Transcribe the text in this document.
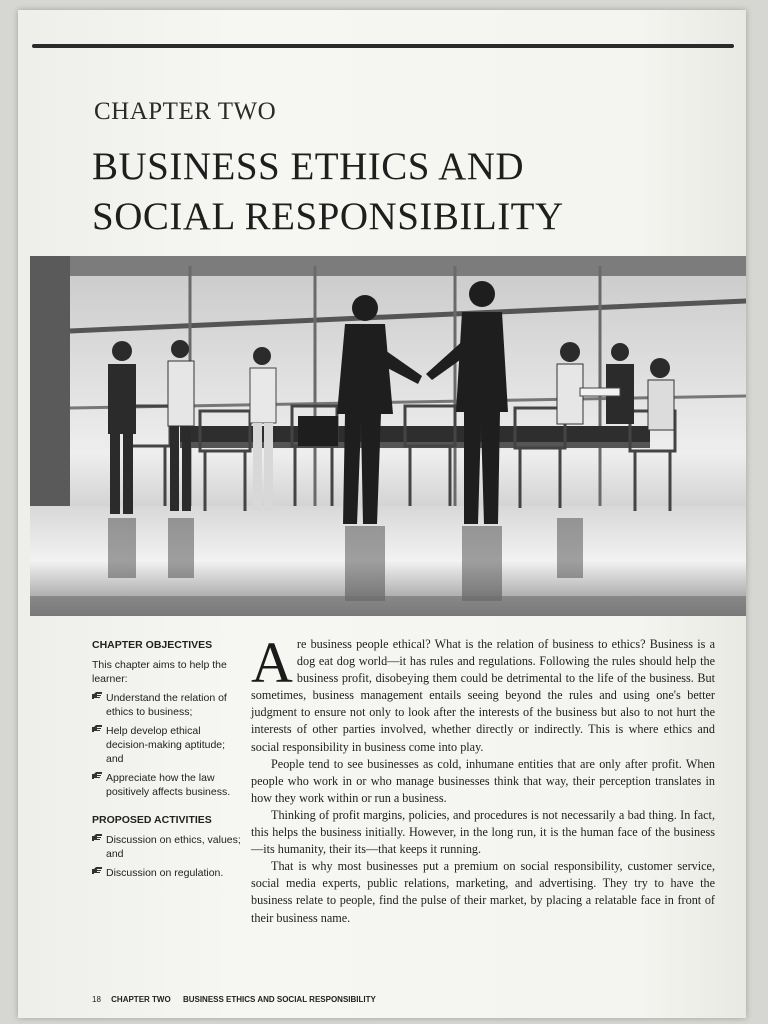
CHAPTER TWO
BUSINESS ETHICS AND
SOCIAL RESPONSIBILITY
CHAPTER OBJECTIVES
This chapter aims to help the learner:
Understand the relation of ethics to business;
Help develop ethical decision-making aptitude; and
Appreciate how the law positively affects business.
PROPOSED ACTIVITIES
Discussion on ethics, values; and
Discussion on regulation.

Are business people ethical? What is the relation of business to ethics? Business is a dog eat dog world—it has rules and regulations. Following the rules should help the business profit, disobeying them could be detrimental to the life of the business. But sometimes, business management entails seeing beyond the rules and using one's better judgment to ensure not only to look after the interests of the business but also to not hurt the interests of other parties involved, whether directly or indirectly. This is where ethics and social responsibility in business come into play.

People tend to see businesses as cold, inhumane entities that are only after profit. When people who work in or who manage businesses think that way, their perception translates in how they work within or run a business.

Thinking of profit margins, policies, and procedures is not necessarily a bad thing. In fact, this helps the business initially. However, in the long run, it is the human face of the business—its humanity, their its—that keeps it running.

That is why most businesses put a premium on social responsibility, customer service, social media experts, public relations, marketing, and advertising. They try to have the business relate to people, find the pulse of their market, by placing a relatable face in front of their business name.

18 CHAPTER TWO BUSINESS ETHICS AND SOCIAL RESPONSIBILITY
